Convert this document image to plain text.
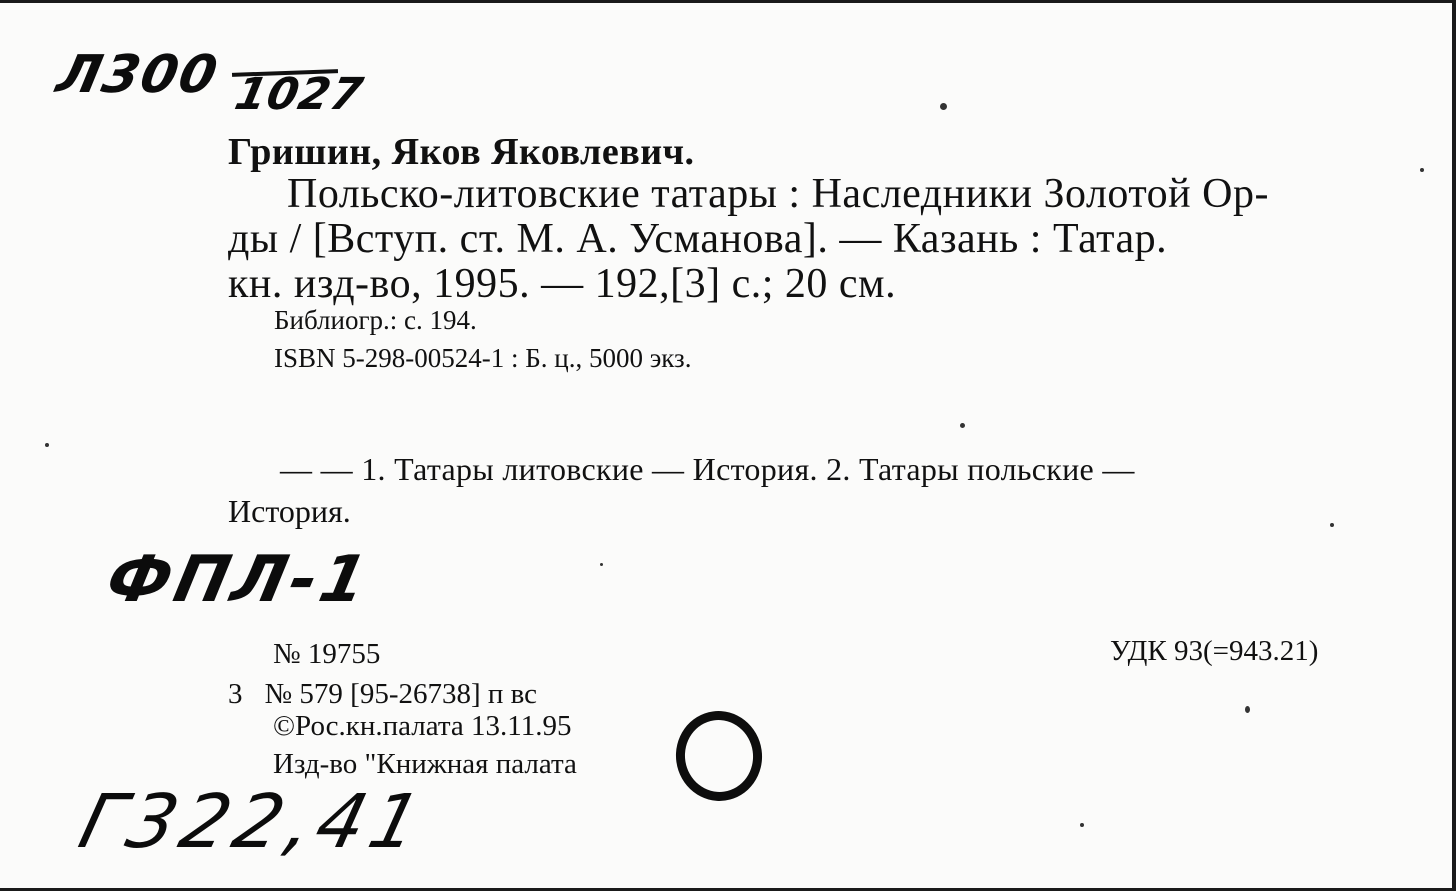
Л300 1027
Гришин, Яков Яковлевич.
Польско-литовские татары : Наследники Золотой Ор-
ды / [Вступ. ст. М. А. Усманова]. — Казань : Татар.
кн. изд-во, 1995. — 192,[3] с.; 20 см.
Библиогр.: с. 194.
ISBN 5-298-00524-1 : Б. ц., 5000 экз.
— — 1. Татары литовские — История. 2. Татары польские —
История.
ФПЛ-1
№ 19755
3 № 579 [95-26738] п вс
©Рос.кн.палата 13.11.95
Изд-во "Книжная палата
УДК 93(=943.21)
Г322,41
